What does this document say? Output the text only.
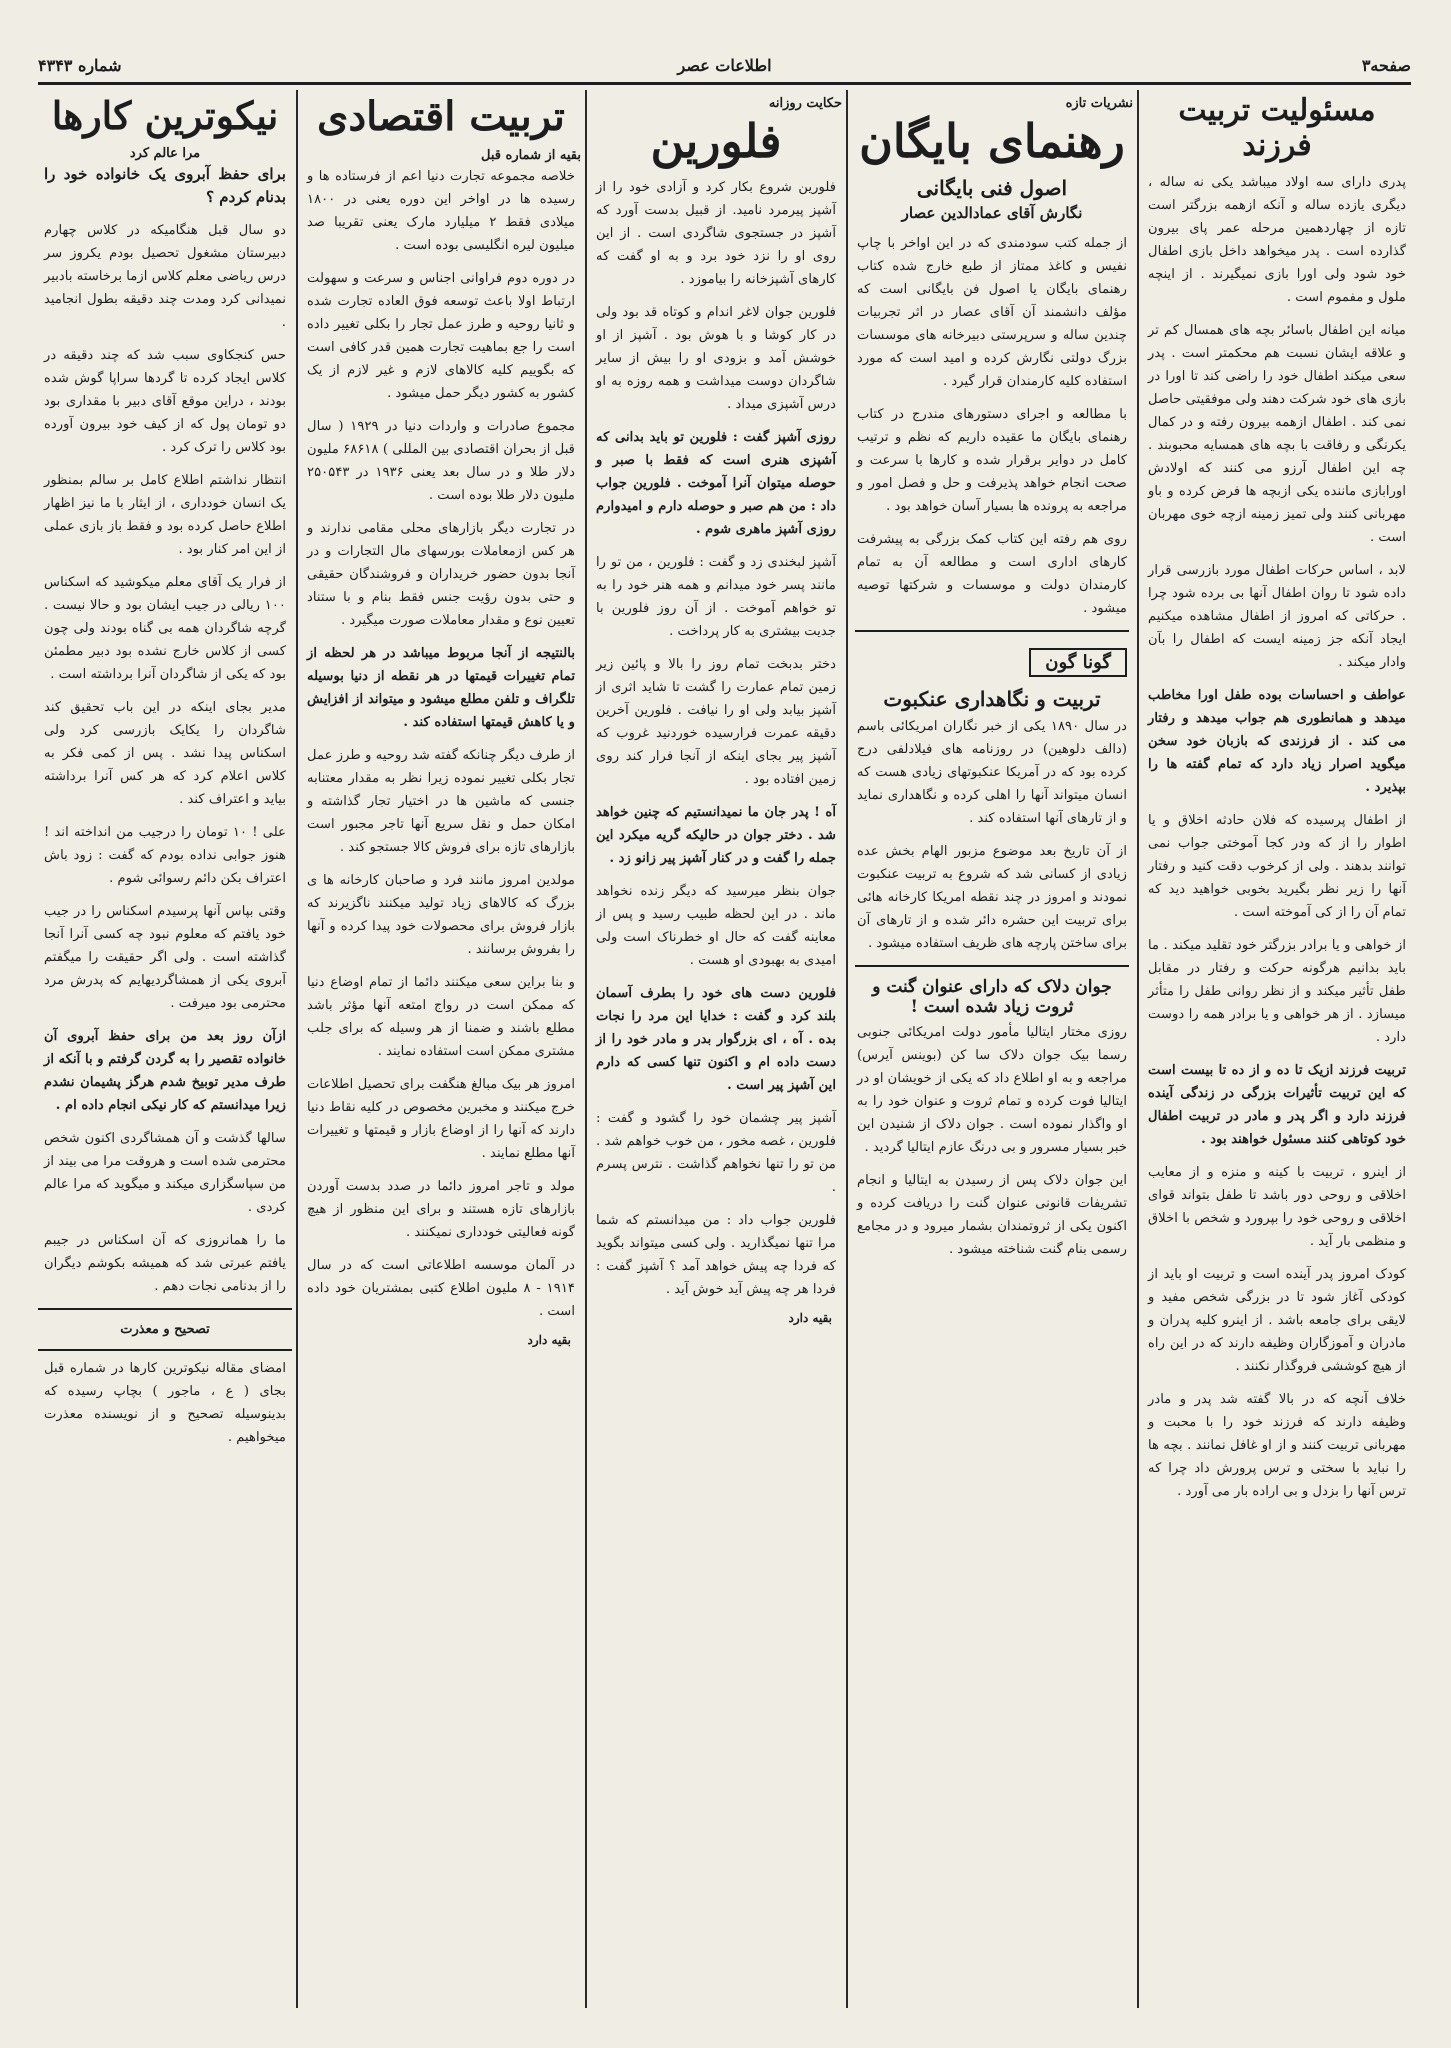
صفحه۳
اطلاعات عصر
شماره ۴۳۴۳
مسئولیت تربیت فرزند

پدری دارای سه اولاد میباشد یکی نه ساله ، دیگری یازده ساله و آنکه ازهمه بزرگتر است تازه از چهاردهمین مرحله عمر پای بیرون گذارده است . پدر میخواهد داخل بازی اطفال خود شود ولی اورا بازی نمیگیرند . از اینچه ملول و مفموم است .

میانه این اطفال باسائر بچه های همسال کم تر و علاقه ایشان نسبت هم محکمتر است . پدر سعی میکند اطفال خود را راضی کند تا اورا در بازی های خود شرکت دهند ولی موفقیتی حاصل نمی کند . اطفال ازهمه بیرون رفته و در کمال یکرنگی و رفاقت با بچه های همسایه محبوبند . چه این اطفال آرزو می کنند که اولادش اورابازی ماننده یکی ازبچه ها فرض کرده و باو مهربانی کنند ولی تمیز زمینه ازچه خوی مهربان است .

لابد ، اساس حرکات اطفال مورد بازرسی قرار داده شود تا روان اطفال آنها بی برده شود چرا . حرکاتی که امروز از اطفال مشاهده میکنیم ایجاد آنکه جز زمینه ایست که اطفال را بآن وادار میکند .

عواطف و احساسات بوده طفل اورا مخاطب میدهد و همانطوری هم جواب میدهد و رفتار می کند . از فرزندی که بازبان خود سخن میگوید اصرار زیاد دارد که تمام گفته ها را بپذیرد .

از اطفال پرسیده که فلان حادثه اخلاق و یا اطوار را از که ودر کجا آموختی جواب نمی توانند بدهند . ولی از کرخوب دقت کنید و رفتار آنها را زیر نظر بگیرید بخوبی خواهید دید که تمام آن را از کی آموخته است .

از خواهی و یا برادر بزرگتر خود تقلید میکند . ما باید بدانیم هرگونه حرکت و رفتار در مقابل طفل تأثیر میکند و از نظر روانی طفل را متأثر میسازد . از هر خواهی و یا برادر همه را دوست دارد .

تربیت فرزند ازیک تا ده و از ده تا بیست است که این تربیت تأثیرات بزرگی در زندگی آینده فرزند دارد و اگر پدر و مادر در تربیت اطفال خود کوتاهی کنند مسئول خواهند بود .

از اینرو ، تربیت با کینه و منزه و از معایب اخلاقی و روحی دور باشد تا طفل بتواند قوای اخلاقی و روحی خود را بپرورد و شخص با اخلاق و منظمی بار آید .

کودک امروز پدر آینده است و تربیت او باید از کودکی آغاز شود تا در بزرگی شخص مفید و لایقی برای جامعه باشد . از اینرو کلیه پدران و مادران و آموزگاران وظیفه دارند که در این راه از هیچ کوششی فروگذار نکنند .

خلاف آنچه که در بالا گفته شد پدر و مادر وظیفه دارند که فرزند خود را با محبت و مهربانی تربیت کنند و از او غافل نمانند . بچه ها را نباید با سختی و ترس پرورش داد چرا که ترس آنها را بزدل و بی اراده بار می آورد .

نشریات تازه
رهنمای بایگان
اصول فنی بایگانی
نگارش آقای عمادالدین عصار

از جمله کتب سودمندی که در این اواخر با چاپ نفیس و کاغذ ممتاز از طبع خارج شده کتاب رهنمای بایگان یا اصول فن بایگانی است که مؤلف دانشمند آن آقای عصار در اثر تجربیات چندین ساله و سرپرستی دبیرخانه های موسسات بزرگ دولتی نگارش کرده و امید است که مورد استفاده کلیه کارمندان قرار گیرد .

با مطالعه و اجرای دستورهای مندرج در کتاب رهنمای بایگان ما عقیده داریم که نظم و ترتیب کامل در دوایر برقرار شده و کارها با سرعت و صحت انجام خواهد پذیرفت و حل و فصل امور و مراجعه به پرونده ها بسیار آسان خواهد بود .

روی هم رفته این کتاب کمک بزرگی به پیشرفت کارهای اداری است و مطالعه آن به تمام کارمندان دولت و موسسات و شرکتها توصیه میشود .

گونا گون
تربیت و نگاهداری عنکبوت

در سال ۱۸۹۰ یکی از خبر نگاران امریکائی باسم (دالف دلوهین) در روزنامه های فیلادلفی درج کرده بود که در آمریکا عنکبوتهای زیادی هست که انسان میتواند آنها را اهلی کرده و نگاهداری نماید و از تارهای آنها استفاده کند .

از آن تاریخ بعد موضوع مزبور الهام بخش عده زیادی از کسانی شد که شروع به تربیت عنکبوت نمودند و امروز در چند نقطه امریکا کارخانه هائی برای تربیت این حشره دائر شده و از تارهای آن برای ساختن پارچه های ظریف استفاده میشود .

جوان دلاک که دارای عنوان گنت و ثروت زیاد شده است !

روزی مختار ایتالیا مأمور دولت امریکائی جنوبی رسما بیک جوان دلاک سا کن (بوینس آیرس) مراجعه و به او اطلاع داد که یکی از خویشان او در ایتالیا فوت کرده و تمام ثروت و عنوان خود را به او واگذار نموده است . جوان دلاک از شنیدن این خبر بسیار مسرور و بی درنگ عازم ایتالیا گردید .

این جوان دلاک پس از رسیدن به ایتالیا و انجام تشریفات قانونی عنوان گنت را دریافت کرده و اکنون یکی از ثروتمندان بشمار میرود و در مجامع رسمی بنام گنت شناخته میشود .

حکایت روزانه
فلورین

فلورین شروع بکار کرد و آزادی خود را از آشپز پیرمرد نامید. از قبیل بدست آورد که آشپز در جستجوی شاگردی است . از این روی او را نزد خود برد و به او گفت که کارهای آشپزخانه را بیاموزد .

فلورین جوان لاغر اندام و کوتاه قد بود ولی در کار کوشا و با هوش بود . آشپز از او خوشش آمد و بزودی او را بیش از سایر شاگردان دوست میداشت و همه روزه به او درس آشپزی میداد .

روزی آشپز گفت : فلورین تو باید بدانی که آشپزی هنری است که فقط با صبر و حوصله میتوان آنرا آموخت . فلورین جواب داد : من هم صبر و حوصله دارم و امیدوارم روزی آشپز ماهری شوم .

آشپز لبخندی زد و گفت : فلورین ، من تو را مانند پسر خود میدانم و همه هنر خود را به تو خواهم آموخت . از آن روز فلورین با جدیت بیشتری به کار پرداخت .

دختر بدبخت تمام روز را بالا و پائین زیر زمین تمام عمارت را گشت تا شاید اثری از آشپز بیابد ولی او را نیافت . فلورین آخرین دقیقه عمرت فرارسیده خوردنید غروب که آشپز پیر بجای اینکه از آنجا فرار کند روی زمین افتاده بود .

آه ! پدر جان ما نمیدانستیم که چنین خواهد شد . دختر جوان در حالیکه گریه میکرد این جمله را گفت و در کنار آشپز پیر زانو زد .

جوان بنظر میرسید که دیگر زنده نخواهد ماند . در این لحظه طبیب رسید و پس از معاینه گفت که حال او خطرناک است ولی امیدی به بهبودی او هست .

فلورین دست های خود را بطرف آسمان بلند کرد و گفت : خدایا این مرد را نجات بده . آه ، ای بزرگوار بدر و مادر خود را از دست داده ام و اکنون تنها کسی که دارم این آشپز پیر است .

آشپز پیر چشمان خود را گشود و گفت : فلورین ، غصه مخور ، من خوب خواهم شد . من تو را تنها نخواهم گذاشت . نترس پسرم .

فلورین جواب داد : من میدانستم که شما مرا تنها نمیگذارید . ولی کسی میتواند بگوید که فردا چه پیش خواهد آمد ؟ آشپز گفت : فردا هر چه پیش آید خوش آید .

بقیه دارد
تربیت اقتصادی
بقیه از شماره قبل

خلاصه مجموعه تجارت دنیا اعم از فرستاده ها و رسیده ها در اواخر این دوره یعنی در ۱۸۰۰ میلادی فقط ۲ میلیارد مارک یعنی تقریبا صد میلیون لیره انگلیسی بوده است .

در دوره دوم فراوانی اجناس و سرعت و سهولت ارتباط اولا باعث توسعه فوق العاده تجارت شده و ثانیا روحیه و طرز عمل تجار را بکلی تغییر داده است را جع بماهیت تجارت همین قدر کافی است که بگوییم کلیه کالاهای لازم و غیر لازم از یک کشور به کشور دیگر حمل میشود .

مجموع صادرات و واردات دنیا در ۱۹۲۹ ( سال قبل از بحران اقتصادی بین المللی ) ۶۸۶۱۸ ملیون دلار طلا و در سال بعد یعنی ۱۹۳۶ در ۲۵۰۵۴۳ ملیون دلار طلا بوده است .

در تجارت دیگر بازارهای محلی مقامی ندارند و هر کس ازمعاملات بورسهای مال التجارات و در آنجا بدون حضور خریداران و فروشندگان حقیقی و حتی بدون رؤیت جنس فقط بنام و با ستناد تعیین نوع و مقدار معاملات صورت میگیرد .

بالنتیجه از آنجا مربوط میباشد در هر لحظه از تمام تغییرات قیمتها در هر نقطه از دنیا بوسیله تلگراف و تلفن مطلع میشود و میتواند از افزایش و یا کاهش قیمتها استفاده کند .

از طرف دیگر چنانکه گفته شد روحیه و طرز عمل تجار بکلی تغییر نموده زیرا نظر به مقدار معتنابه جنسی که ماشین ها در اختیار تجار گذاشته و امکان حمل و نقل سریع آنها تاجر مجبور است بازارهای تازه برای فروش کالا جستجو کند .

مولدین امروز مانند فرد و صاحبان کارخانه ها ی بزرگ که کالاهای زیاد تولید میکنند ناگزیرند که بازار فروش برای محصولات خود پیدا کرده و آنها را بفروش برسانند .

و بنا براین سعی میکنند دائما از تمام اوضاع دنیا که ممکن است در رواج امتعه آنها مؤثر باشد مطلع باشند و ضمنا از هر وسیله که برای جلب مشتری ممکن است استفاده نمایند .

امروز هر بیک مبالغ هنگفت برای تحصیل اطلاعات خرج میکنند و مخبرین مخصوص در کلیه نقاط دنیا دارند که آنها را از اوضاع بازار و قیمتها و تغییرات آنها مطلع نمایند .

مولد و تاجر امروز دائما در صدد بدست آوردن بازارهای تازه هستند و برای این منظور از هیچ گونه فعالیتی خودداری نمیکنند .

در آلمان موسسه اطلاعاتی است که در سال ۱۹۱۴ - ۸ ملیون اطلاع کتبی بمشتریان خود داده است .

بقیه دارد
نیکوترین کارها
مرا عالم کرد

برای حفظ آبروی یک خانواده خود را بدنام کردم ؟

دو سال قبل هنگامیکه در کلاس چهارم دبیرستان مشغول تحصیل بودم یکروز سر درس ریاضی معلم کلاس ازما برخاسته بادبیر نمیدانی کرد ومدت چند دقیقه بطول انجامید .

حس کنجکاوی سبب شد که چند دقیقه در کلاس ایجاد کرده تا گردها سراپا گوش شده بودند ، دراین موقع آقای دبیر با مقداری بود دو تومان پول که از کیف خود بیرون آورده بود کلاس را ترک کرد .

انتظار نداشتم اطلاع کامل بر سالم بمنظور یک انسان خودداری ، از ایثار با ما نیز اظهار اطلاع حاصل کرده بود و فقط باز بازی عملی از این امر کنار بود .

از فرار یک آقای معلم میکوشید که اسکناس ۱۰۰ ریالی در جیب ایشان بود و حالا نیست . گرچه شاگردان همه بی گناه بودند ولی چون کسی از کلاس خارج نشده بود دبیر مطمئن بود که یکی از شاگردان آنرا برداشته است .

مدیر بجای اینکه در این باب تحقیق کند شاگردان را یکایک بازرسی کرد ولی اسکناس پیدا نشد . پس از کمی فکر به کلاس اعلام کرد که هر کس آنرا برداشته بیاید و اعتراف کند .

علی ! ۱۰ تومان را درجیب من انداخته اند ! هنوز جوابی نداده بودم که گفت : زود باش اعتراف بکن دائم رسوائی شوم .

وقتی بپاس آنها پرسیدم اسکناس را در جیب خود یافتم که معلوم نبود چه کسی آنرا آنجا گذاشته است . ولی اگر حقیقت را میگفتم آبروی یکی از همشاگردیهایم که پدرش مرد محترمی بود میرفت .

ازآن روز بعد من برای حفظ آبروی آن خانواده تقصیر را به گردن گرفتم و با آنکه از طرف مدیر توبیخ شدم هرگز پشیمان نشدم زیرا میدانستم که کار نیکی انجام داده ام .

سالها گذشت و آن همشاگردی اکنون شخص محترمی شده است و هروقت مرا می بیند از من سپاسگزاری میکند و میگوید که مرا عالم کردی .

ما را همانروزی که آن اسکناس در جیبم یافتم عبرتی شد که همیشه بکوشم دیگران را از بدنامی نجات دهم .

تصحیح و معذرت

امضای مقاله نیکوترین کارها در شماره قبل بجای ( ع ، ماجور ) بچاپ رسیده که بدینوسیله تصحیح و از نویسنده معذرت میخواهیم .
